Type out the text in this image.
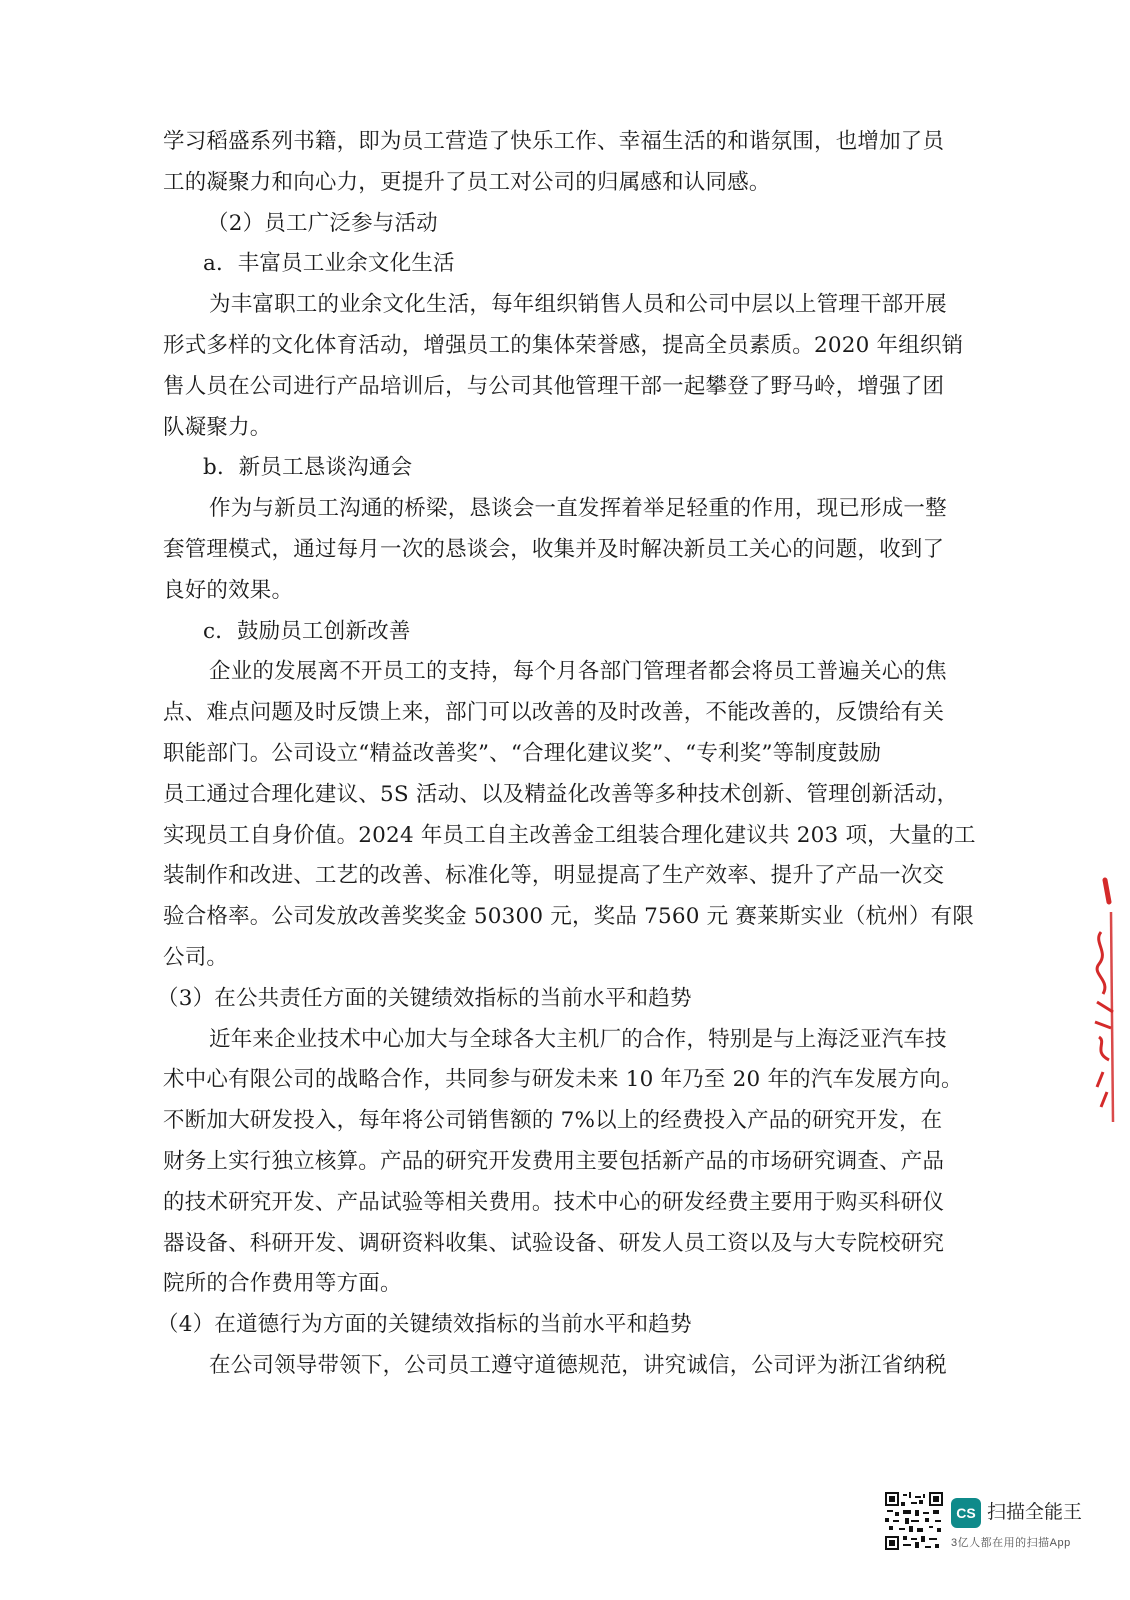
学习稻盛系列书籍，即为员工营造了快乐工作、幸福生活的和谐氛围，也增加了员
工的凝聚力和向心力，更提升了员工对公司的归属感和认同感。
（2）员工广泛参与活动
a．丰富员工业余文化生活
为丰富职工的业余文化生活，每年组织销售人员和公司中层以上管理干部开展
形式多样的文化体育活动，增强员工的集体荣誉感，提高全员素质。2020 年组织销
售人员在公司进行产品培训后，与公司其他管理干部一起攀登了野马岭，增强了团
队凝聚力。
b．新员工恳谈沟通会
作为与新员工沟通的桥梁，恳谈会一直发挥着举足轻重的作用，现已形成一整
套管理模式，通过每月一次的恳谈会，收集并及时解决新员工关心的问题，收到了
良好的效果。
c．鼓励员工创新改善
企业的发展离不开员工的支持，每个月各部门管理者都会将员工普遍关心的焦
点、难点问题及时反馈上来，部门可以改善的及时改善，不能改善的，反馈给有关
职能部门。公司设立“精益改善奖”、“合理化建议奖”、“专利奖”等制度鼓励
员工通过合理化建议、5S 活动、以及精益化改善等多种技术创新、管理创新活动，
实现员工自身价值。2024 年员工自主改善金工组装合理化建议共 203 项，大量的工
装制作和改进、工艺的改善、标准化等，明显提高了生产效率、提升了产品一次交
验合格率。公司发放改善奖奖金 50300 元，奖品 7560 元 赛莱斯实业（杭州）有限
公司。
（3）在公共责任方面的关键绩效指标的当前水平和趋势
近年来企业技术中心加大与全球各大主机厂的合作，特别是与上海泛亚汽车技
术中心有限公司的战略合作，共同参与研发未来 10 年乃至 20 年的汽车发展方向。
不断加大研发投入，每年将公司销售额的 7%以上的经费投入产品的研究开发，在
财务上实行独立核算。产品的研究开发费用主要包括新产品的市场研究调查、产品
的技术研究开发、产品试验等相关费用。技术中心的研发经费主要用于购买科研仪
器设备、科研开发、调研资料收集、试验设备、研发人员工资以及与大专院校研究
院所的合作费用等方面。
（4）在道德行为方面的关键绩效指标的当前水平和趋势
在公司领导带领下，公司员工遵守道德规范，讲究诚信，公司评为浙江省纳税
CS 扫描全能王
3亿人都在用的扫描App
